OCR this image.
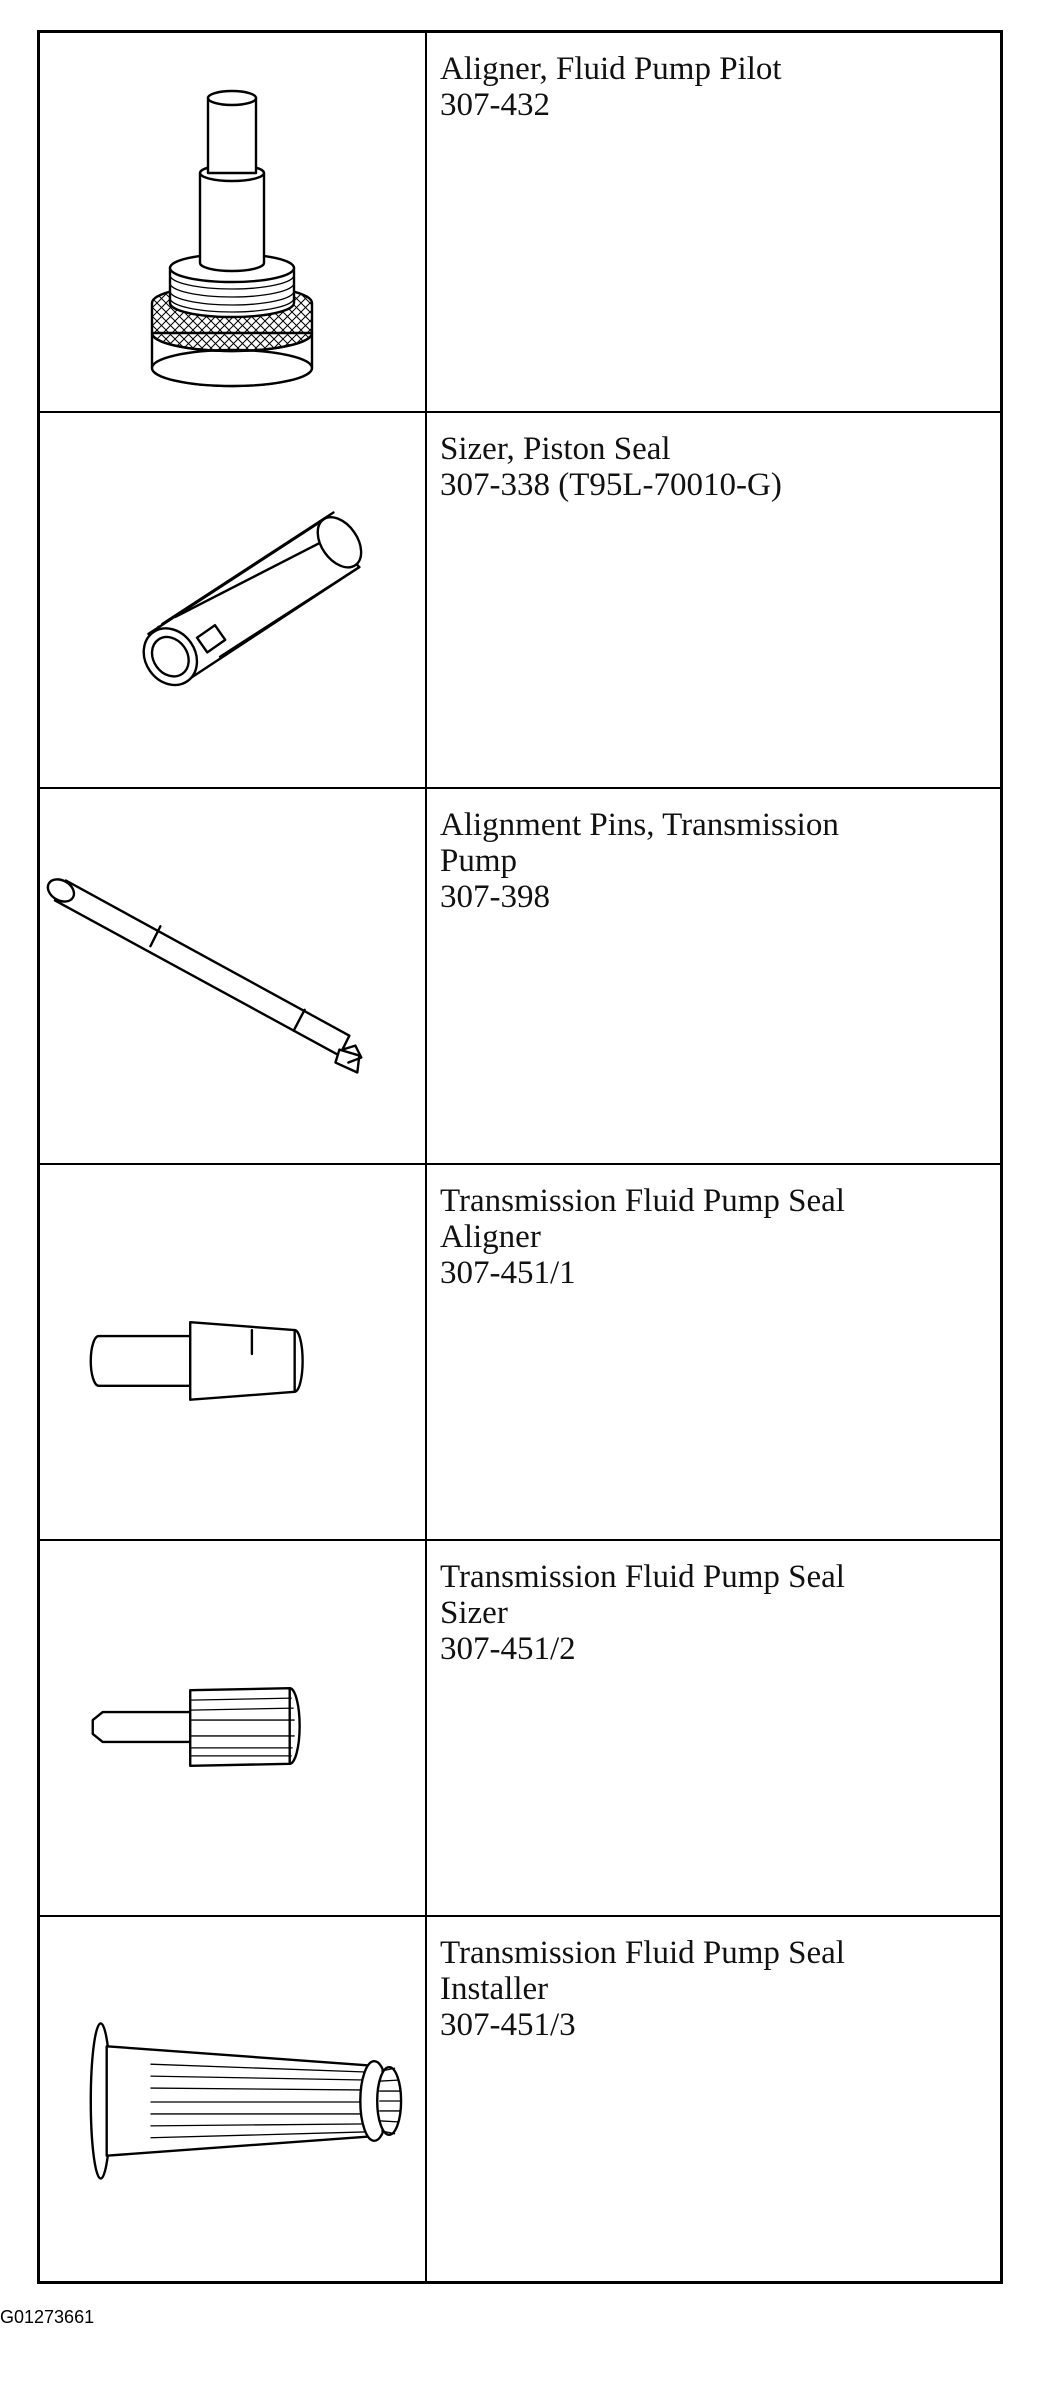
Aligner, Fluid Pump Pilot
307-432
Sizer, Piston Seal
307-338 (T95L-70010-G)
Alignment Pins, Transmission
Pump
307-398
Transmission Fluid Pump Seal
Aligner
307-451/1
Transmission Fluid Pump Seal
Sizer
307-451/2
Transmission Fluid Pump Seal
Installer
307-451/3
G01273661
